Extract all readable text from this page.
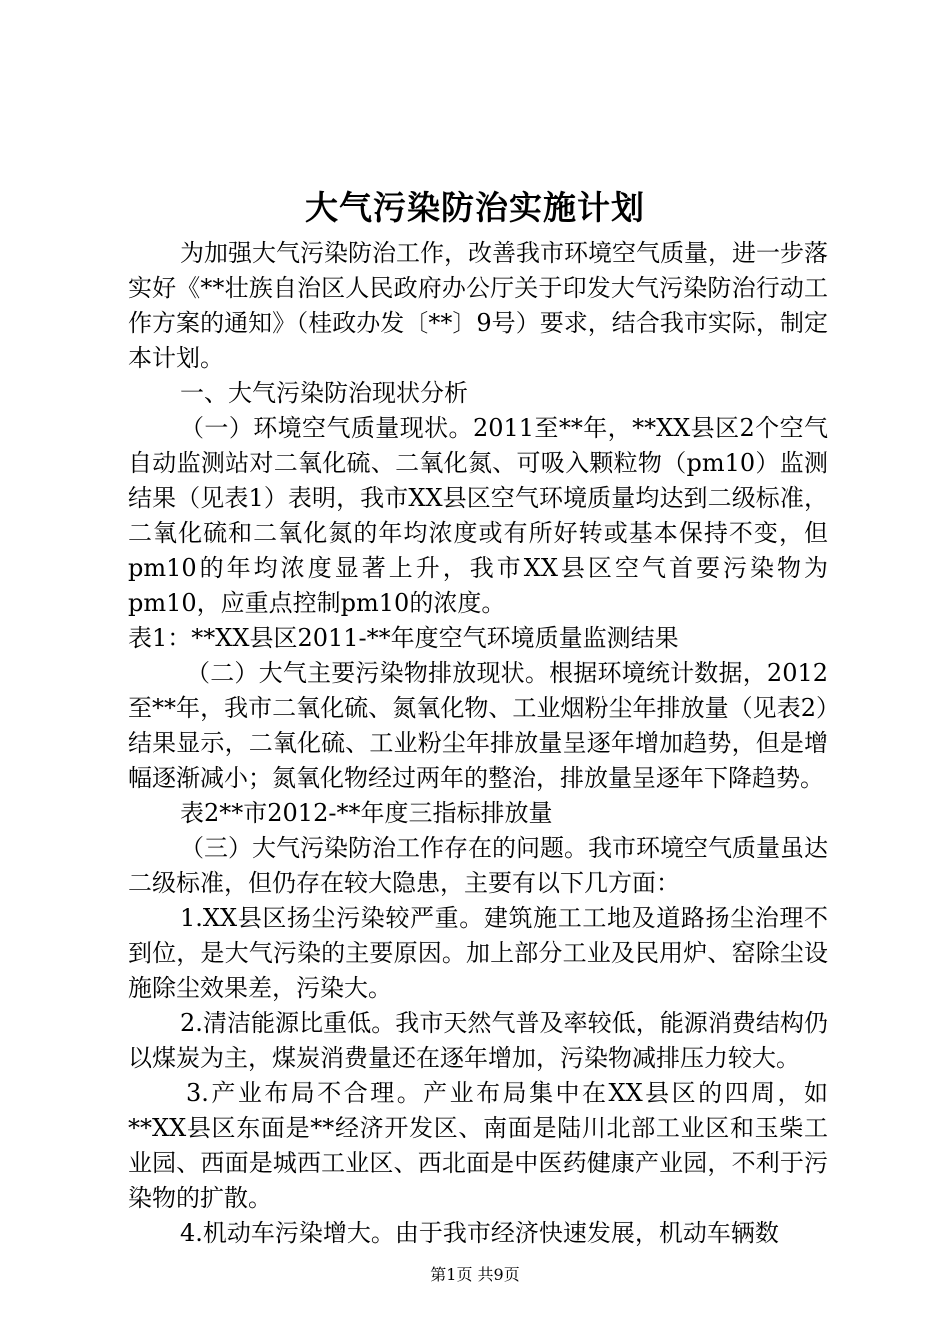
大气污染防治实施计划

为加强大气污染防治工作，改善我市环境空气质量，进一步落实好《**壮族自治区人民政府办公厅关于印发大气污染防治行动工作方案的通知》（桂政办发〔**〕9号）要求，结合我市实际，制定本计划。

一、大气污染防治现状分析

（一）环境空气质量现状。2011至**年，**XX县区2个空气自动监测站对二氧化硫、二氧化氮、可吸入颗粒物（pm10）监测结果（见表1）表明，我市XX县区空气环境质量均达到二级标准，二氧化硫和二氧化氮的年均浓度或有所好转或基本保持不变，但pm10的年均浓度显著上升，我市XX县区空气首要污染物为pm10，应重点控制pm10的浓度。

表1：**XX县区2011-**年度空气环境质量监测结果

（二）大气主要污染物排放现状。根据环境统计数据，2012至**年，我市二氧化硫、氮氧化物、工业烟粉尘年排放量（见表2）结果显示，二氧化硫、工业粉尘年排放量呈逐年增加趋势，但是增幅逐渐减小；氮氧化物经过两年的整治，排放量呈逐年下降趋势。

表2**市2012-**年度三指标排放量

（三）大气污染防治工作存在的问题。我市环境空气质量虽达二级标准，但仍存在较大隐患，主要有以下几方面：

1.XX县区扬尘污染较严重。建筑施工工地及道路扬尘治理不到位，是大气污染的主要原因。加上部分工业及民用炉、窑除尘设施除尘效果差，污染大。

2.清洁能源比重低。我市天然气普及率较低，能源消费结构仍以煤炭为主，煤炭消费量还在逐年增加，污染物减排压力较大。

3.产业布局不合理。产业布局集中在XX县区的四周，如**XX县区东面是**经济开发区、南面是陆川北部工业区和玉柴工业园、西面是城西工业区、西北面是中医药健康产业园，不利于污染物的扩散。

4.机动车污染增大。由于我市经济快速发展，机动车辆数

第1页 共9页
